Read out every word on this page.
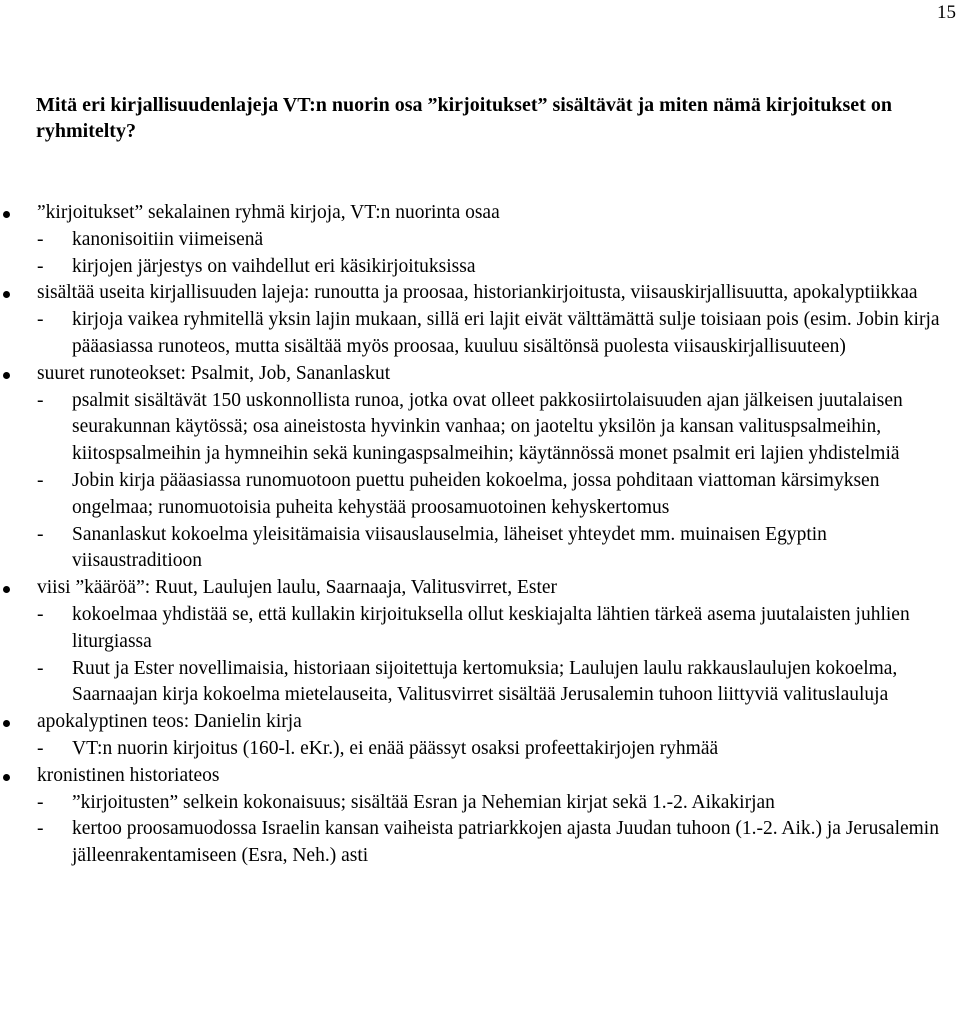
15
Mitä eri kirjallisuudenlajeja VT:n nuorin osa ”kirjoitukset” sisältävät ja miten nämä kirjoitukset on ryhmitelty?
”kirjoitukset” sekalainen ryhmä kirjoja, VT:n nuorinta osaa
- kanonisoitiin viimeisenä
- kirjojen järjestys on vaihdellut eri käsikirjoituksissa
sisältää useita kirjallisuuden lajeja: runoutta ja proosaa, historiankirjoitusta, viisauskirjallisuutta, apokalyptiikkaa
- kirjoja vaikea ryhmitellä yksin lajin mukaan, sillä eri lajit eivät välttämättä sulje toisiaan pois (esim. Jobin kirja pääasiassa runoteos, mutta sisältää myös proosaa, kuuluu sisältönsä puolesta viisauskirjallisuuteen)
suuret runoteokset: Psalmit, Job, Sananlaskut
- psalmit sisältävät 150 uskonnollista runoa, jotka ovat olleet pakkosiirtolaisuuden ajan jälkeisen juutalaisen seurakunnan käytössä; osa aineistosta hyvinkin vanhaa; on jaoteltu yksilön ja kansan valituspsalmeihin, kiitospsalmeihin ja hymneihin sekä kuningaspsalmeihin; käytännössä monet psalmit eri lajien yhdistelmiä
- Jobin kirja pääasiassa runomuotoon puettu puheiden kokoelma, jossa pohditaan viattoman kärsimyksen ongelmaa; runomuotoisia puheita kehystää proosamuotoinen kehyskertomus
- Sananlaskut kokoelma yleisitämaisia viisauslauselmia, läheiset yhteydet mm. muinaisen Egyptin viisaustraditioon
viisi ”kääröä”: Ruut, Laulujen laulu, Saarnaaja, Valitusvirret, Ester
- kokoelmaa yhdistää se, että kullakin kirjoituksella ollut keskiajalta lähtien tärkeä asema juutalaisten juhlien liturgiassa
- Ruut ja Ester novellimaisia, historiaan sijoitettuja kertomuksia; Laulujen laulu rakkauslaulujen kokoelma, Saarnaajan kirja kokoelma mietelauseita, Valitusvirret sisältää Jerusalemin tuhoon liittyviä valituslauluja
apokalyptinen teos: Danielin kirja
- VT:n nuorin kirjoitus (160-l. eKr.), ei enää päässyt osaksi profeettakirjojen ryhmää
kronistinen historiateos
- ”kirjoitusten” selkein kokonaisuus; sisältää Esran ja Nehemian kirjat sekä 1.-2. Aikakirjan
- kertoo proosamuodossa Israelin kansan vaiheista patriarkkojen ajasta Juudan tuhoon (1.-2. Aik.) ja Jerusalemin jälleenrakentamiseen (Esra, Neh.) asti
